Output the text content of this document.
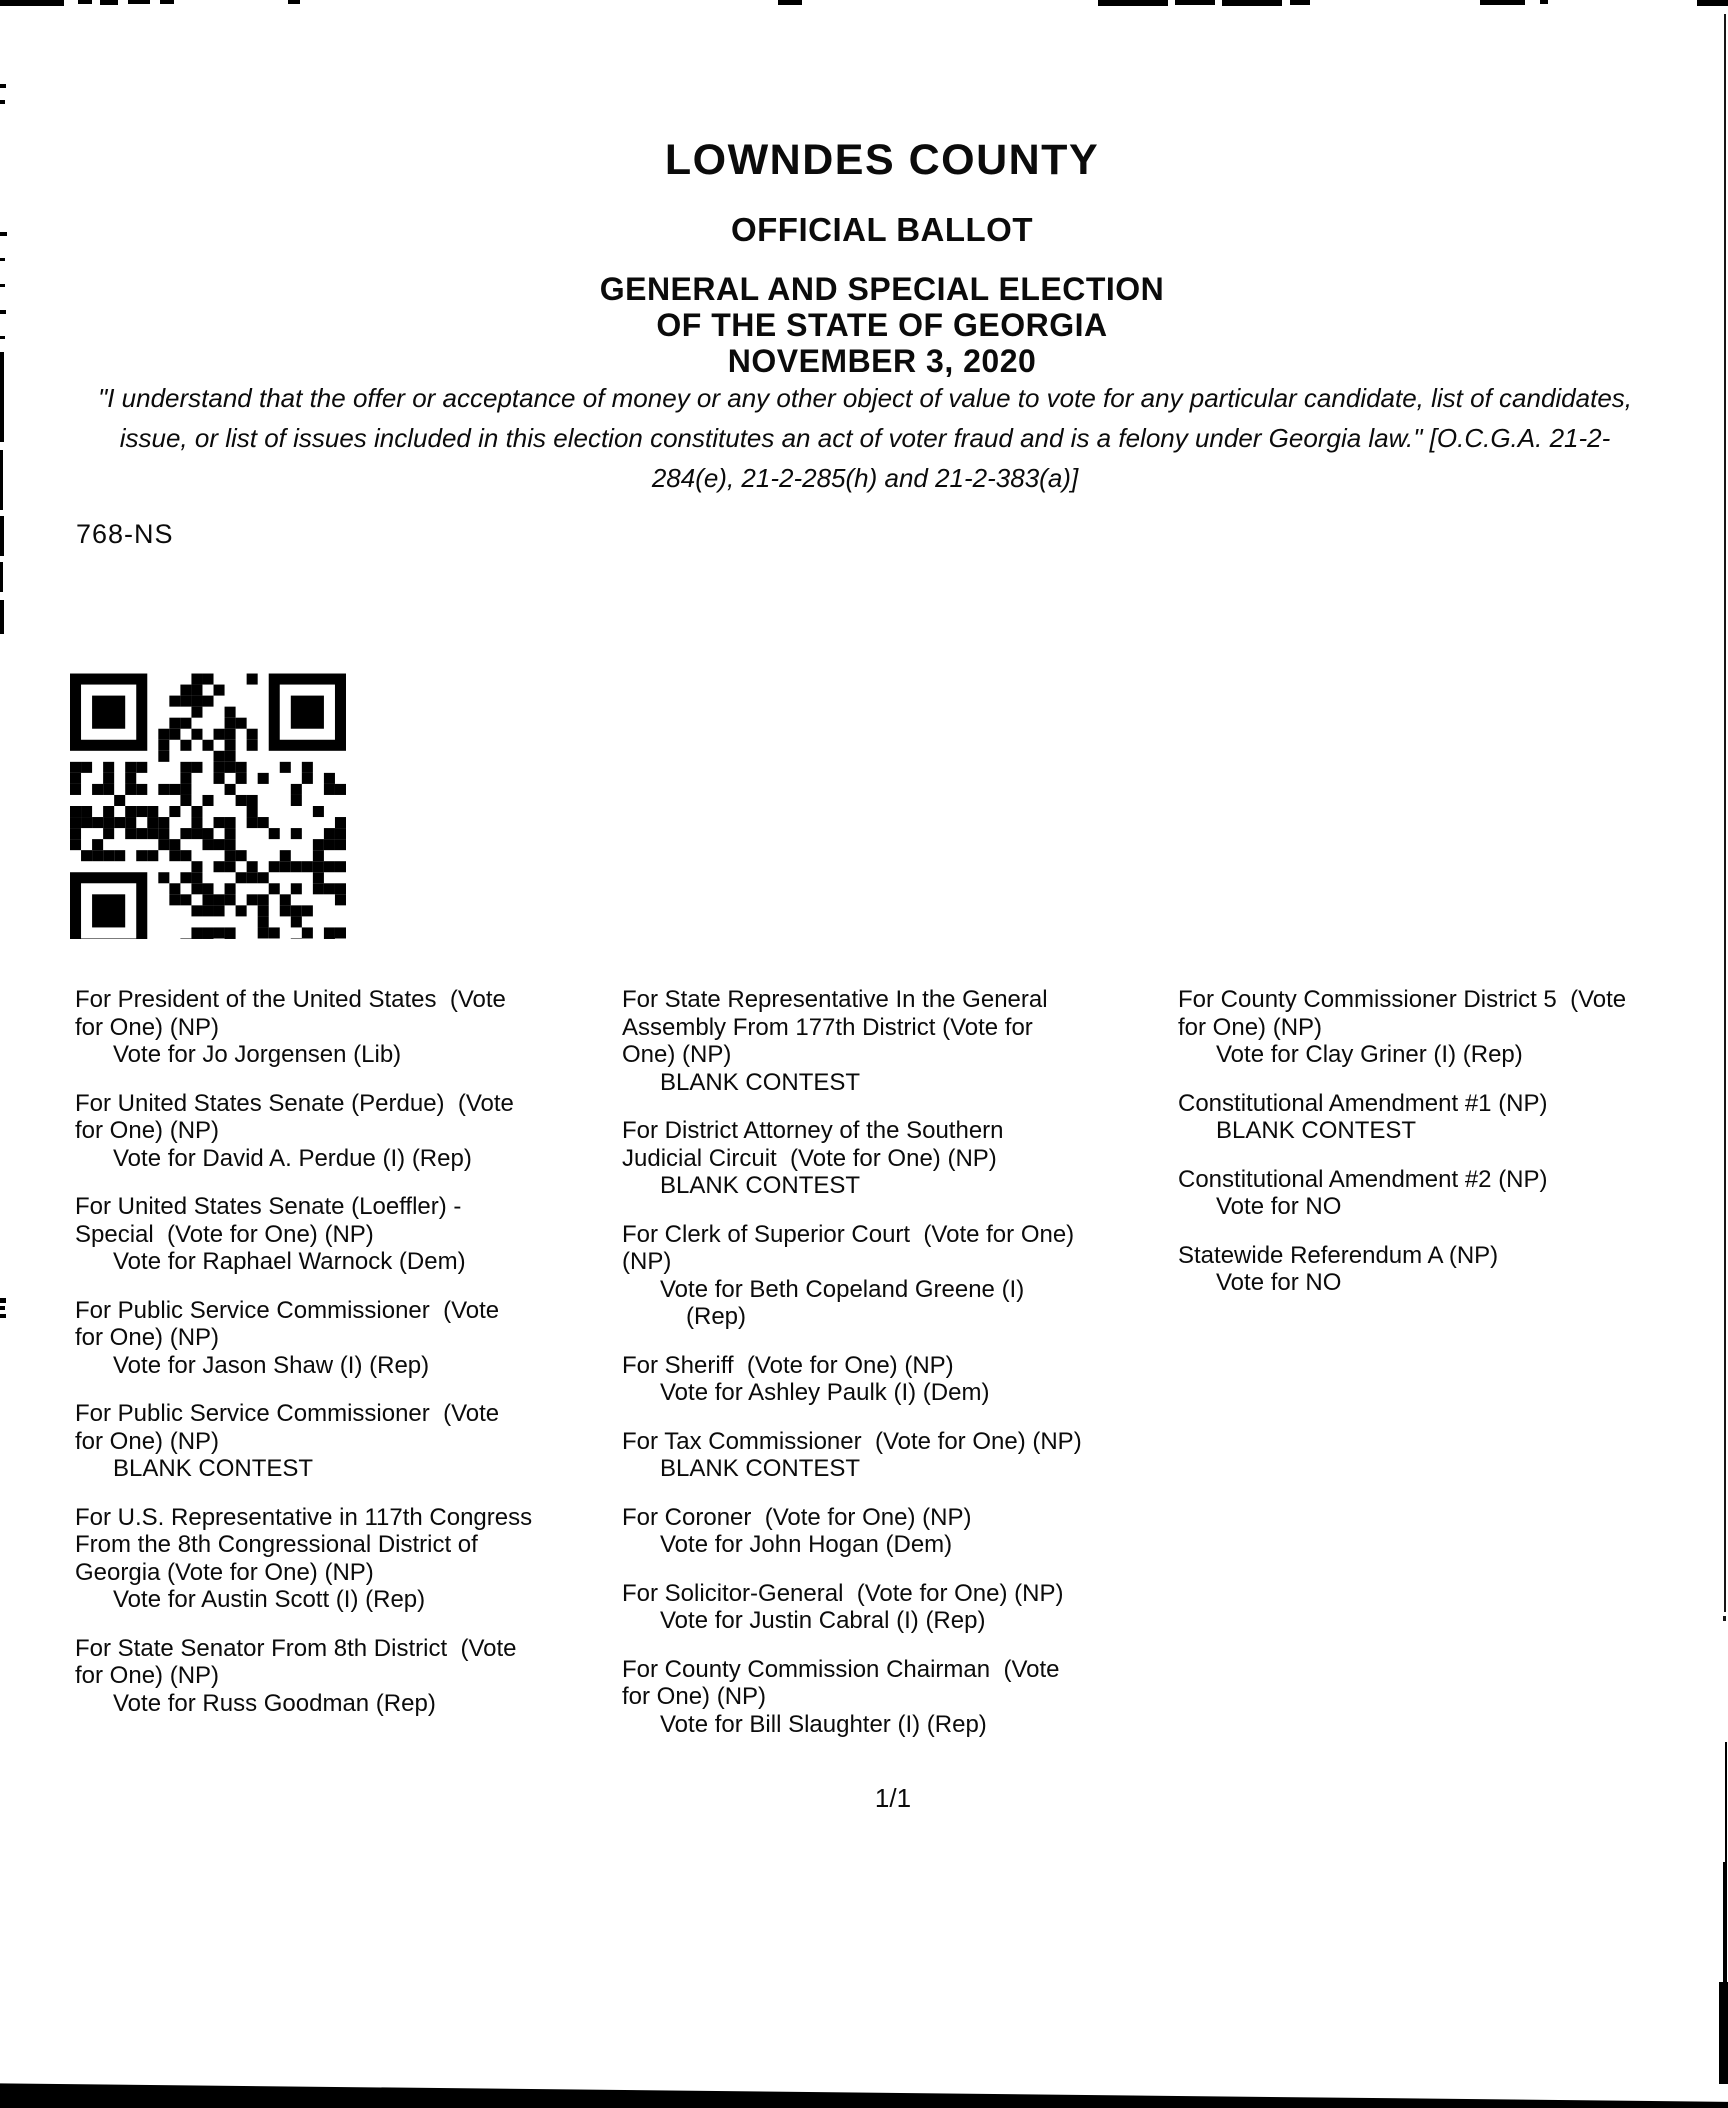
LOWNDES COUNTY
OFFICIAL BALLOT
GENERAL AND SPECIAL ELECTION
OF THE STATE OF GEORGIA
NOVEMBER 3, 2020
"I understand that the offer or acceptance of money or any other object of value to vote for any particular candidate, list of candidates, issue, or list of issues included in this election constitutes an act of voter fraud and is a felony under Georgia law." [O.C.G.A. 21-2-284(e), 21-2-285(h) and 21-2-383(a)]
768-NS
For President of the United States  (Vote
for One) (NP)
Vote for Jo Jorgensen (Lib)
For United States Senate (Perdue)  (Vote
for One) (NP)
Vote for David A. Perdue (I) (Rep)
For United States Senate (Loeffler) -
Special  (Vote for One) (NP)
Vote for Raphael Warnock (Dem)
For Public Service Commissioner  (Vote
for One) (NP)
Vote for Jason Shaw (I) (Rep)
For Public Service Commissioner  (Vote
for One) (NP)
BLANK CONTEST
For U.S. Representative in 117th Congress
From the 8th Congressional District of
Georgia (Vote for One) (NP)
Vote for Austin Scott (I) (Rep)
For State Senator From 8th District  (Vote
for One) (NP)
Vote for Russ Goodman (Rep)
For State Representative In the General
Assembly From 177th District (Vote for
One) (NP)
BLANK CONTEST
For District Attorney of the Southern
Judicial Circuit  (Vote for One) (NP)
BLANK CONTEST
For Clerk of Superior Court  (Vote for One)
(NP)
Vote for Beth Copeland Greene (I)
(Rep)
For Sheriff  (Vote for One) (NP)
Vote for Ashley Paulk (I) (Dem)
For Tax Commissioner  (Vote for One) (NP)
BLANK CONTEST
For Coroner  (Vote for One) (NP)
Vote for John Hogan (Dem)
For Solicitor-General  (Vote for One) (NP)
Vote for Justin Cabral (I) (Rep)
For County Commission Chairman  (Vote
for One) (NP)
Vote for Bill Slaughter (I) (Rep)
For County Commissioner District 5  (Vote
for One) (NP)
Vote for Clay Griner (I) (Rep)
Constitutional Amendment #1 (NP)
BLANK CONTEST
Constitutional Amendment #2 (NP)
Vote for NO
Statewide Referendum A (NP)
Vote for NO
1/1
